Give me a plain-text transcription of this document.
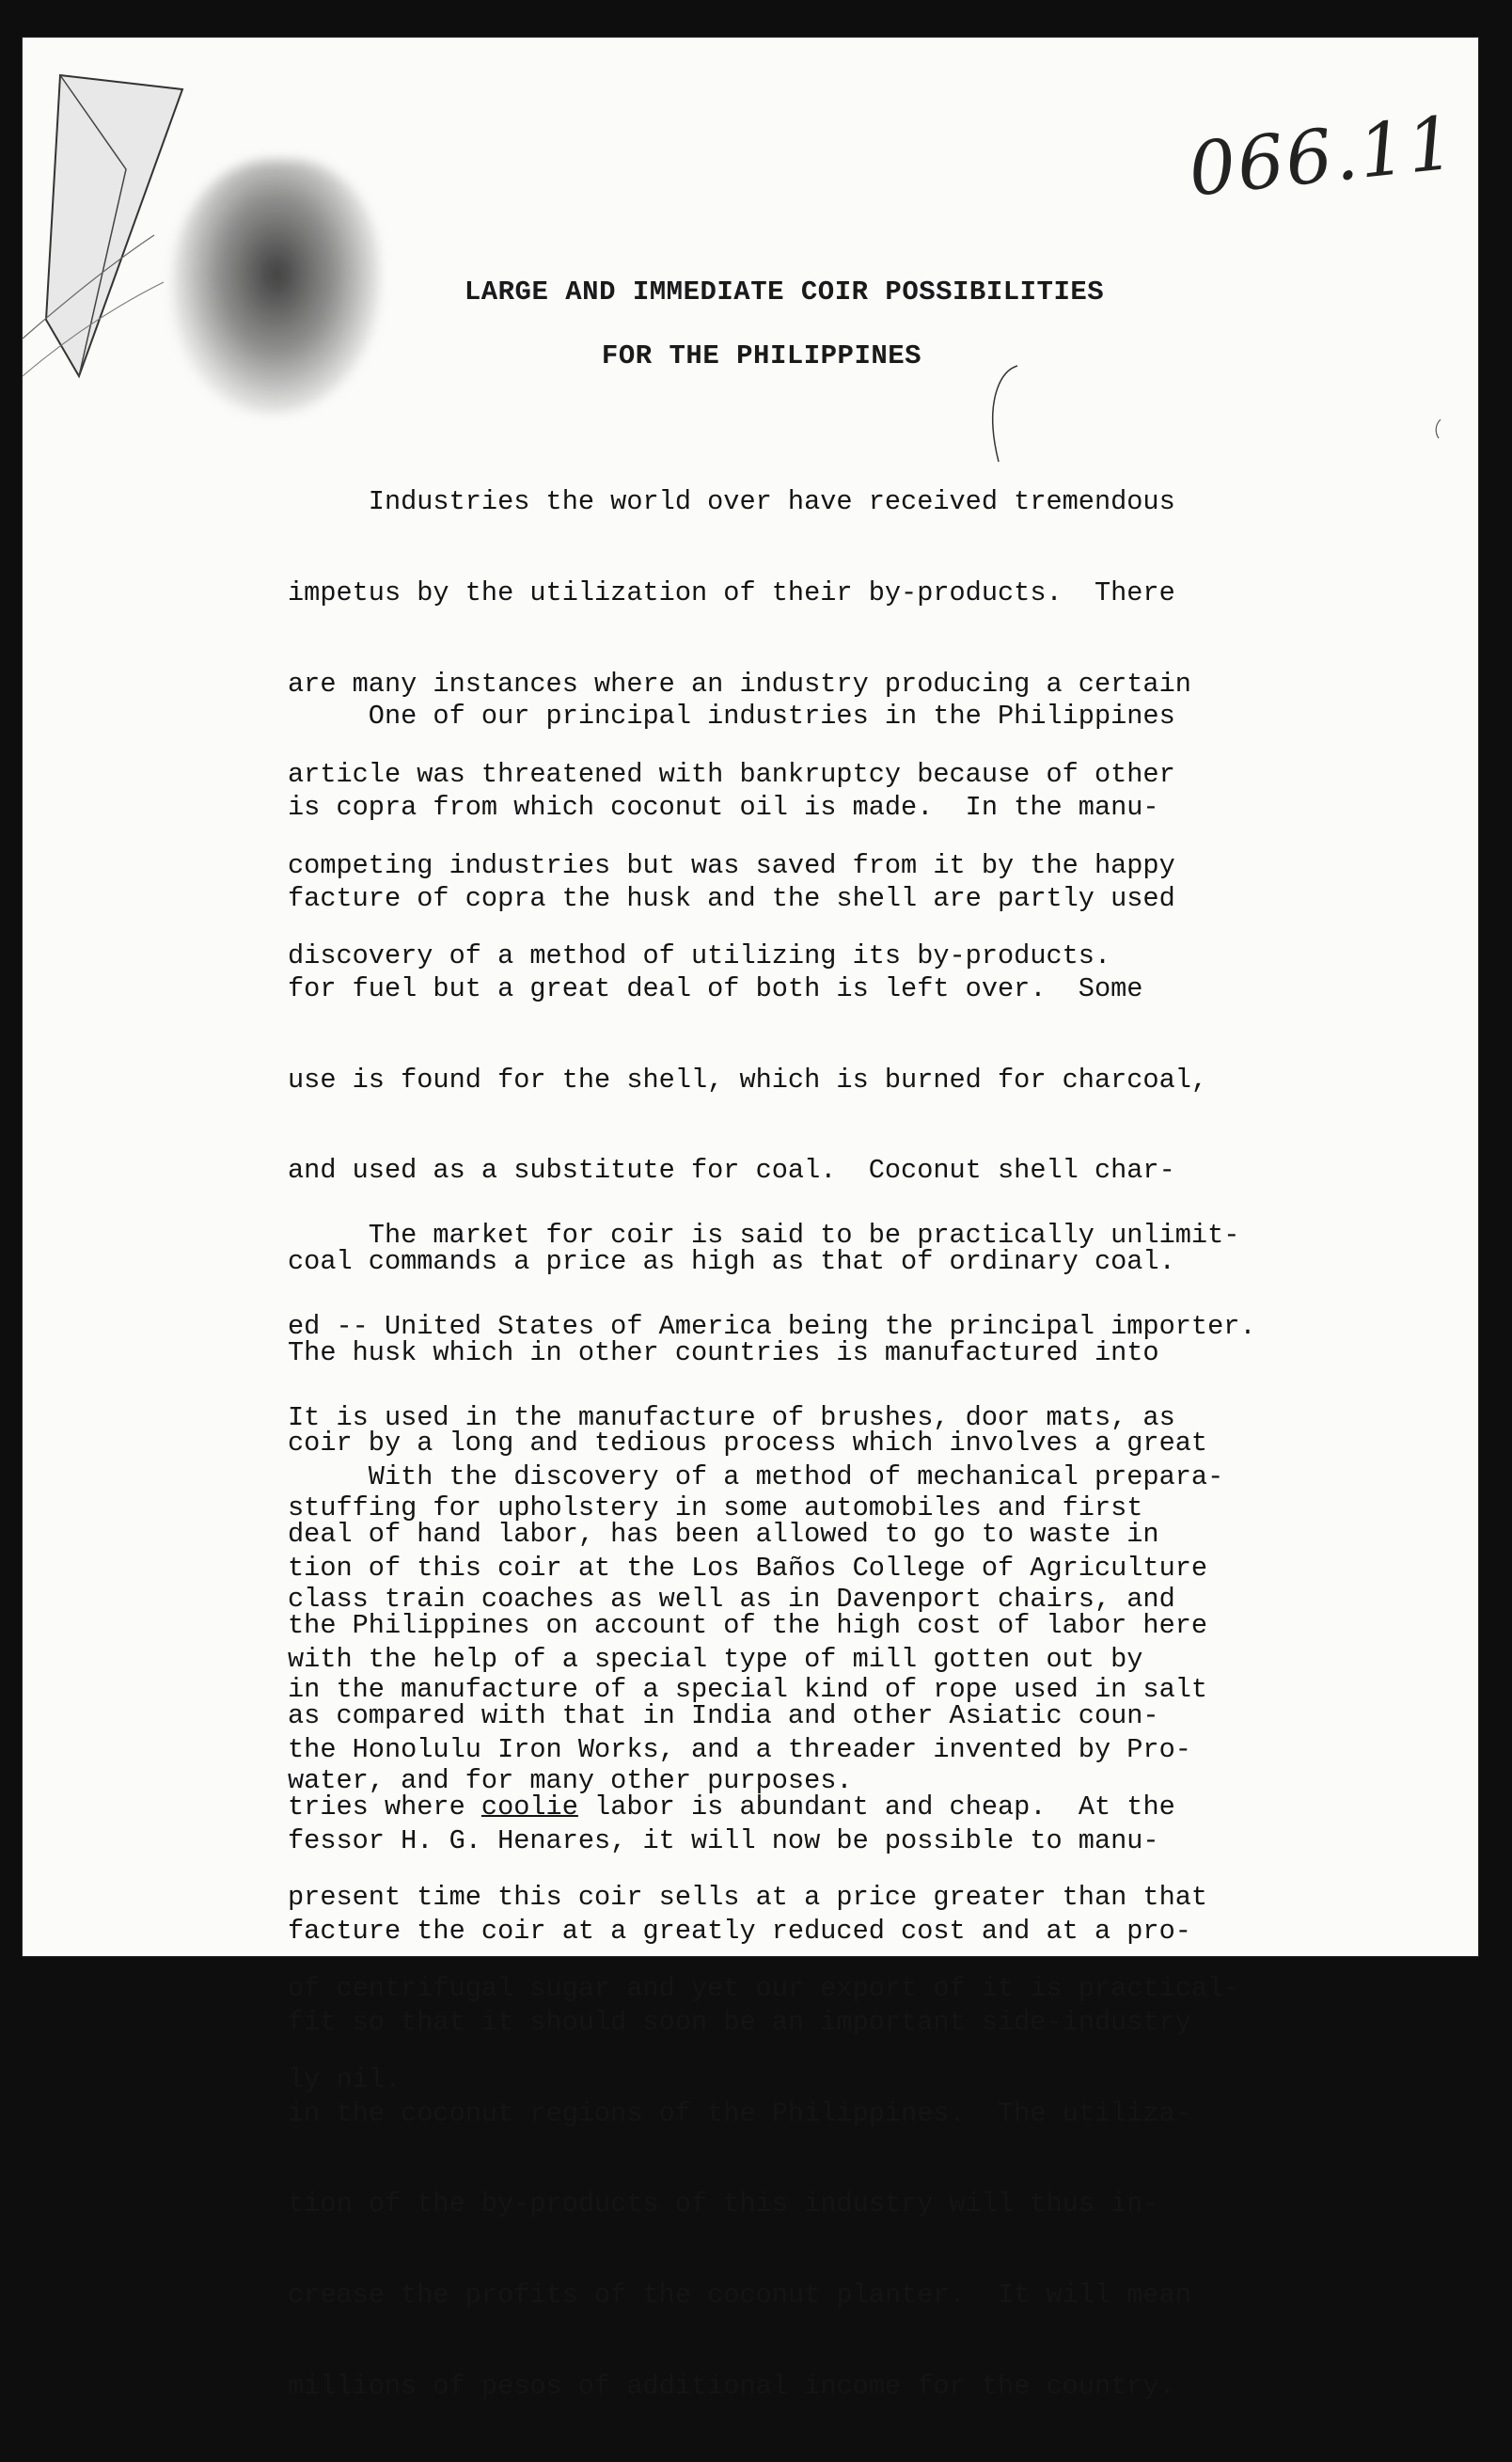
066.11
LARGE AND IMMEDIATE COIR POSSIBILITIES
FOR THE PHILIPPINES

Industries the world over have received tremendous

impetus by the utilization of their by-products.  There

are many instances where an industry producing a certain

article was threatened with bankruptcy because of other

competing industries but was saved from it by the happy

discovery of a method of utilizing its by-products.

One of our principal industries in the Philippines

is copra from which coconut oil is made.  In the manu-

facture of copra the husk and the shell are partly used

for fuel but a great deal of both is left over.  Some

use is found for the shell, which is burned for charcoal,

and used as a substitute for coal.  Coconut shell char-

coal commands a price as high as that of ordinary coal.

The husk which in other countries is manufactured into

coir by a long and tedious process which involves a great

deal of hand labor, has been allowed to go to waste in

the Philippines on account of the high cost of labor here

as compared with that in India and other Asiatic coun-

tries where coolie labor is abundant and cheap.  At the

present time this coir sells at a price greater than that

of centrifugal sugar and yet our export of it is practical-

ly nil.

The market for coir is said to be practically unlimit-

ed -- United States of America being the principal importer.

It is used in the manufacture of brushes, door mats, as

stuffing for upholstery in some automobiles and first

class train coaches as well as in Davenport chairs, and

in the manufacture of a special kind of rope used in salt

water, and for many other purposes.

With the discovery of a method of mechanical prepara-

tion of this coir at the Los Baños College of Agriculture

with the help of a special type of mill gotten out by

the Honolulu Iron Works, and a threader invented by Pro-

fessor H. G. Henares, it will now be possible to manu-

facture the coir at a greatly reduced cost and at a pro-

fit so that it should soon be an important side-industry

in the coconut regions of the Philippines.  The utiliza-

tion of the by-products of this industry will thus in-

crease the profits of the coconut planter.  It will mean

millions of pesos of additional income for the country.
